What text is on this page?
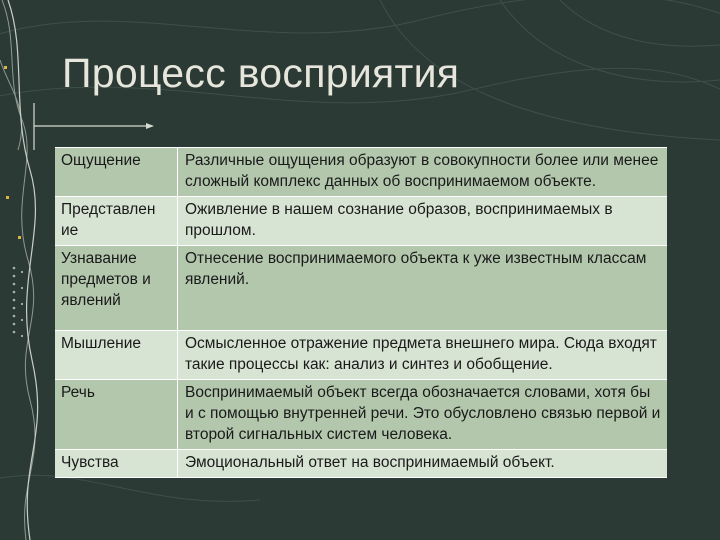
Процесс восприятия
Ощущение	Различные ощущения образуют в совокупности более или менее сложный комплекс данных об воспринимаемом объекте.
Представлен ие	Оживление в нашем сознание образов, воспринимаемых в прошлом.
Узнавание предметов и явлений	Отнесение воспринимаемого объекта к уже известным классам явлений.
Мышление	Осмысленное отражение предмета внешнего мира. Сюда входят такие процессы как: анализ и синтез и обобщение.
Речь	Воспринимаемый объект всегда обозначается словами, хотя бы и с помощью внутренней речи. Это обусловлено связью первой и второй сигнальных систем человека.
Чувства	Эмоциональный ответ на воспринимаемый объект.
